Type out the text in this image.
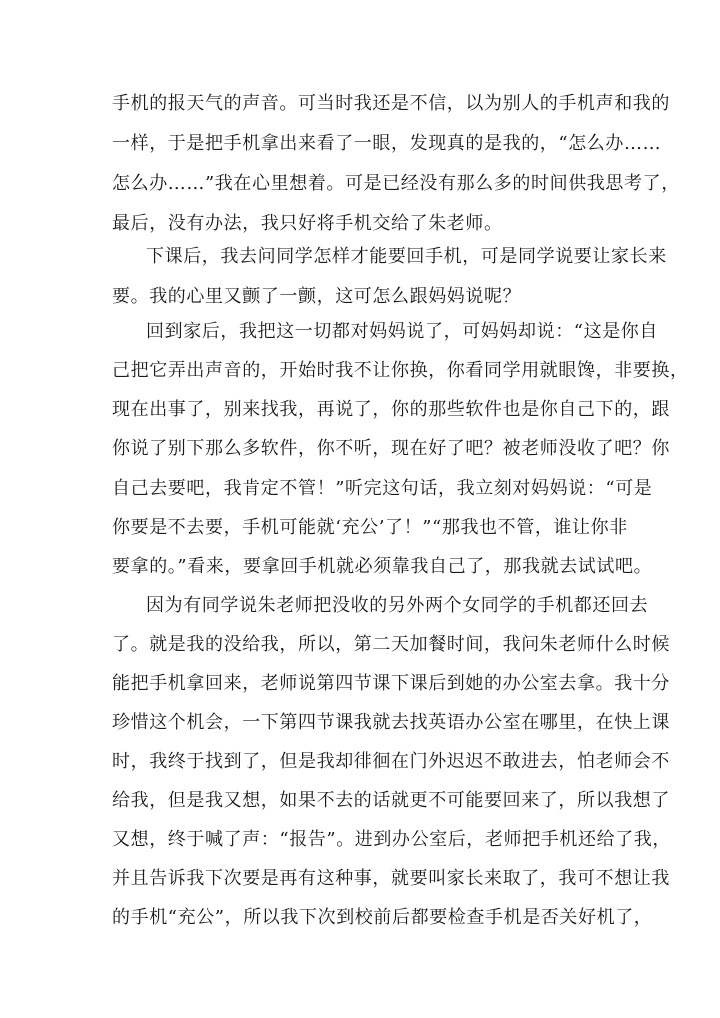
手机的报天气的声音。可当时我还是不信，以为别人的手机声和我的
一样，于是把手机拿出来看了一眼，发现真的是我的，“怎么办……
怎么办……”我在心里想着。可是已经没有那么多的时间供我思考了，
最后，没有办法，我只好将手机交给了朱老师。
下课后，我去问同学怎样才能要回手机，可是同学说要让家长来
要。我的心里又颤了一颤，这可怎么跟妈妈说呢？
回到家后，我把这一切都对妈妈说了，可妈妈却说：“这是你自
己把它弄出声音的，开始时我不让你换，你看同学用就眼馋，非要换，
现在出事了，别来找我，再说了，你的那些软件也是你自己下的，跟
你说了别下那么多软件，你不听，现在好了吧？被老师没收了吧？你
自己去要吧，我肯定不管！”听完这句话，我立刻对妈妈说：“可是
你要是不去要，手机可能就‘充公’了！”“那我也不管，谁让你非
要拿的。”看来，要拿回手机就必须靠我自己了，那我就去试试吧。
因为有同学说朱老师把没收的另外两个女同学的手机都还回去
了。就是我的没给我，所以，第二天加餐时间，我问朱老师什么时候
能把手机拿回来，老师说第四节课下课后到她的办公室去拿。我十分
珍惜这个机会，一下第四节课我就去找英语办公室在哪里，在快上课
时，我终于找到了，但是我却徘徊在门外迟迟不敢进去，怕老师会不
给我，但是我又想，如果不去的话就更不可能要回来了，所以我想了
又想，终于喊了声：“报告”。进到办公室后，老师把手机还给了我，
并且告诉我下次要是再有这种事，就要叫家长来取了，我可不想让我
的手机“充公”，所以我下次到校前后都要检查手机是否关好机了，
